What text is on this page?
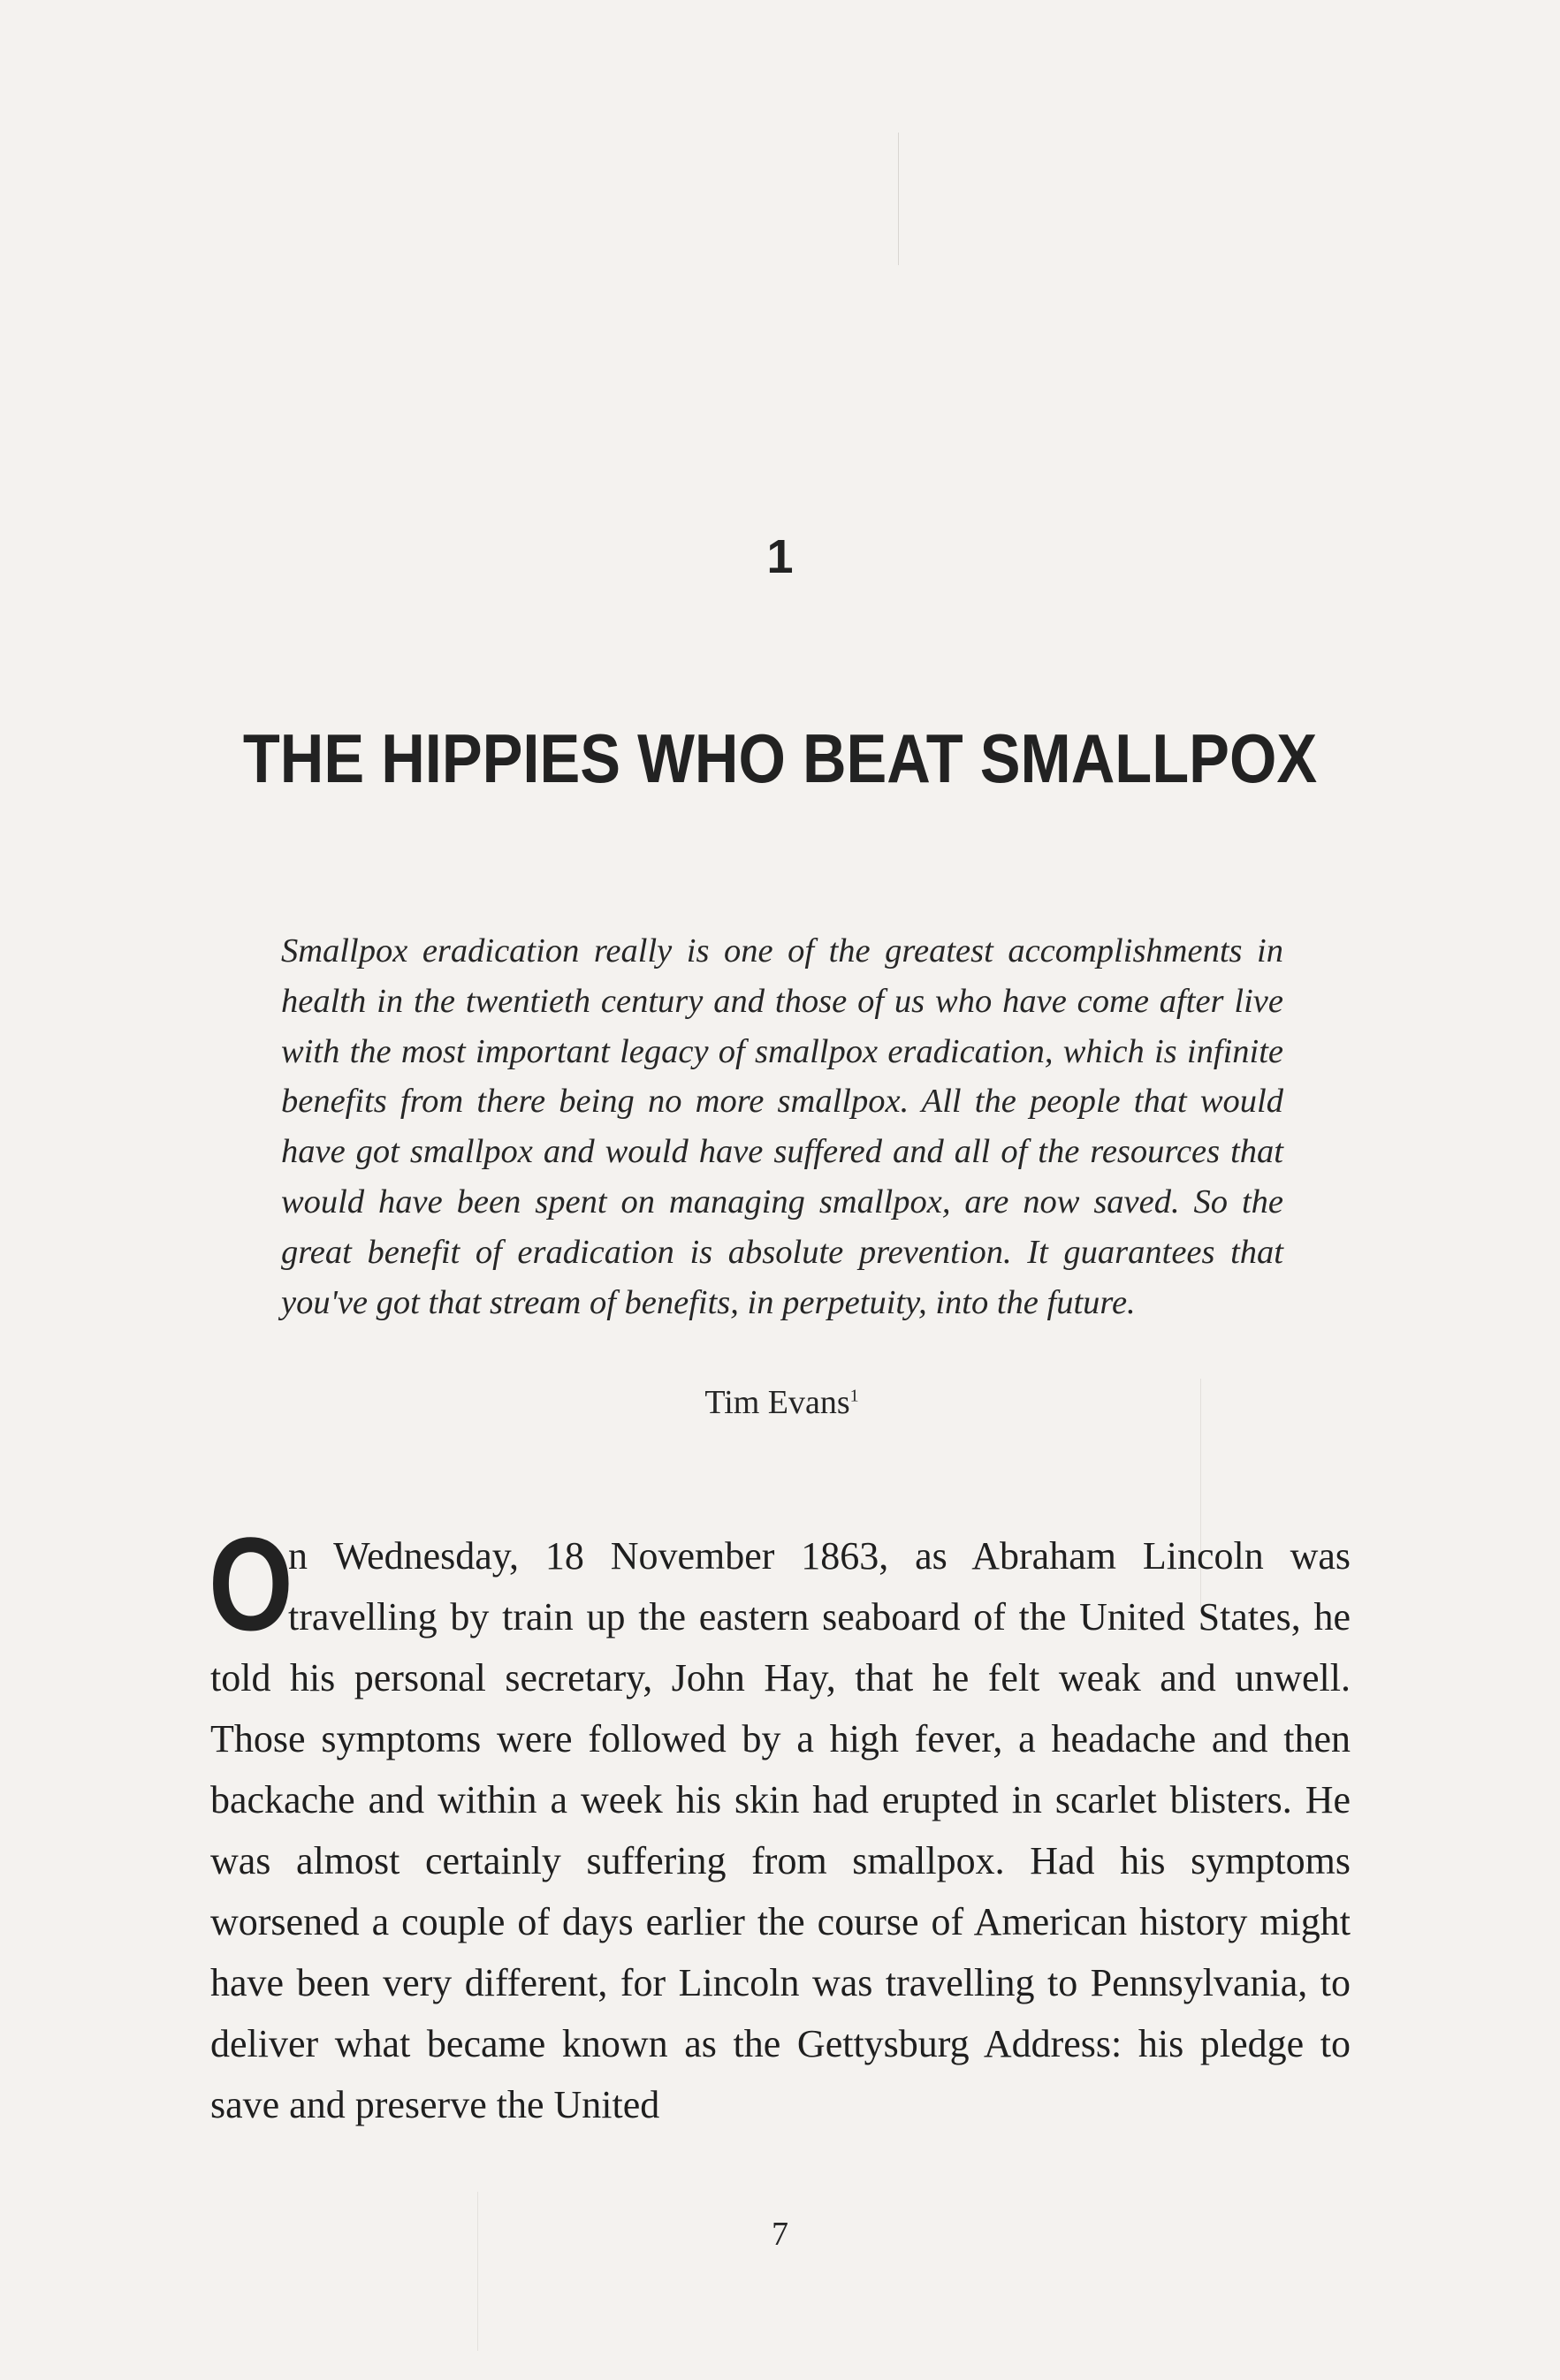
1
THE HIPPIES WHO BEAT SMALLPOX

Smallpox eradication really is one of the greatest accomplishments in health in the twentieth century and those of us who have come after live with the most important legacy of smallpox eradication, which is infinite benefits from there being no more smallpox. All the people that would have got smallpox and would have suffered and all of the resources that would have been spent on managing smallpox, are now saved. So the great benefit of eradication is absolute prevention. It guarantees that you've got that stream of benefits, in perpetuity, into the future.

Tim Evans$^1$

O
n Wednesday, 18 November 1863, as Abraham Lincoln was travelling by train up the eastern seaboard of the United States, he told his personal secretary, John Hay, that he felt weak and unwell. Those symptoms were followed by a high fever, a headache and then backache and within a week his skin had erupted in scarlet blisters. He was almost certainly suffering from smallpox. Had his symptoms worsened a couple of days earlier the course of American history might have been very different, for Lincoln was travelling to Pennsylvania, to deliver what became known as the Gettysburg Address: his pledge to save and preserve the United

7
